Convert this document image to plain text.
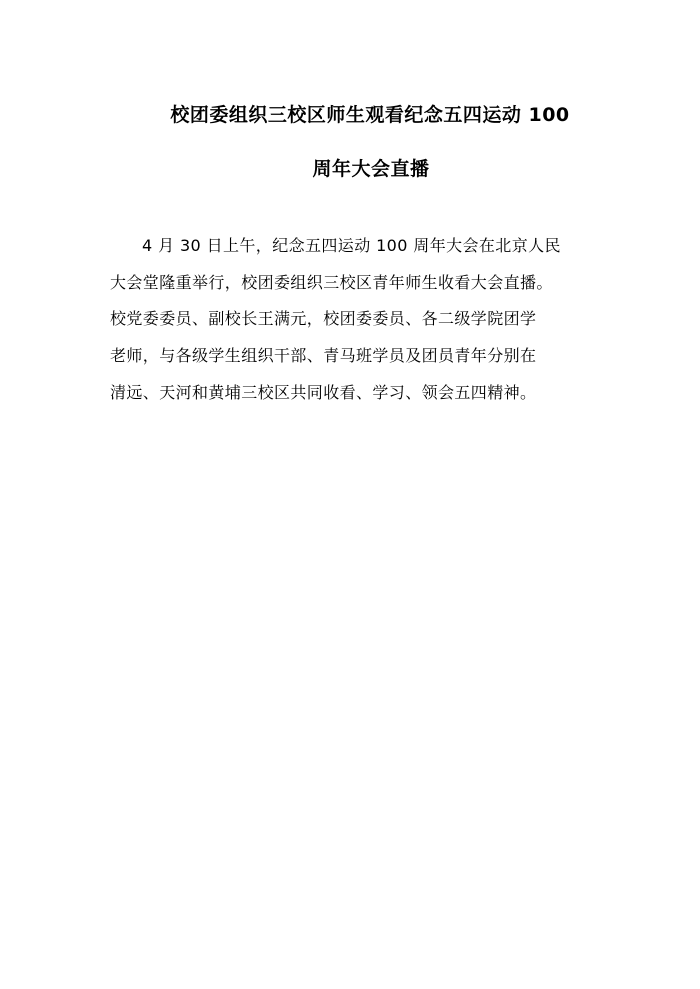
校团委组织三校区师生观看纪念五四运动 100
周年大会直播
4 月 30 日上午，纪念五四运动 100 周年大会在北京人民
大会堂隆重举行，校团委组织三校区青年师生收看大会直播。
校党委委员、副校长王满元，校团委委员、各二级学院团学
老师，与各级学生组织干部、青马班学员及团员青年分别在
清远、天河和黄埔三校区共同收看、学习、领会五四精神。
